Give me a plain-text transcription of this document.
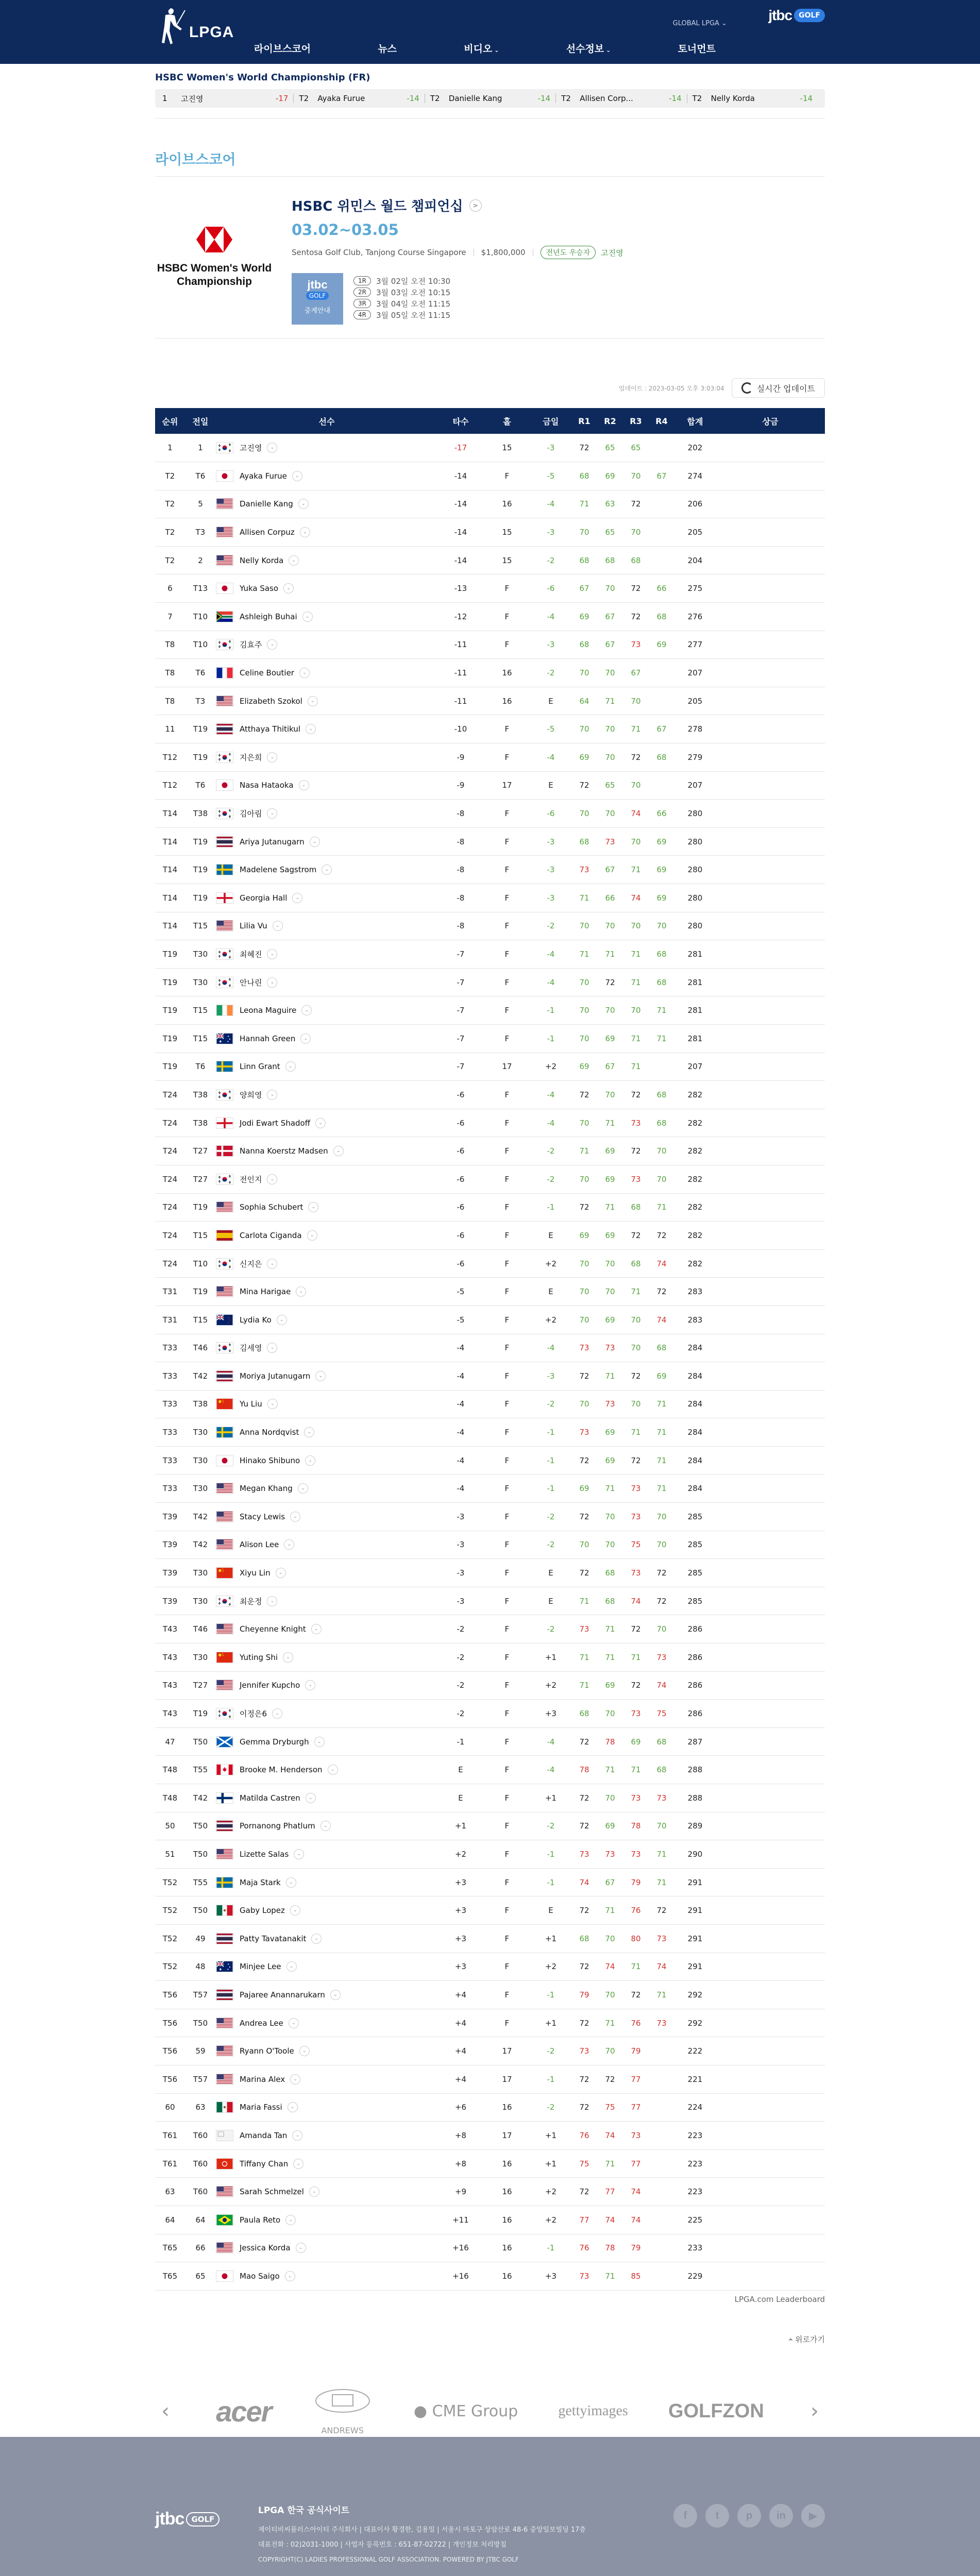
LPGA
라이브스코어	뉴스	비디오 ⌄	선수정보 ⌄	토너먼트
GLOBAL LPGA ⌄
jtbc GOLF
HSBC Women's World Championship (FR)
1	고진영	-17	T2	Ayaka Furue	-14	T2	Danielle Kang	-14	T2	Allisen Corp...	-14	T2	Nelly Korda	-14
라이브스코어
HSBC Women's World Championship
HSBC 위민스 월드 챔피언십	>
03.02~03.05
Sentosa Golf Club, Tanjong Course Singapore $1,800,000	전년도 우승자	고진영
jtbc
GOLF
중계안내
1R	3월 02일 오전 10:30
2R	3월 03일 오전 10:15
3R	3월 04일 오전 11:15
4R	3월 05일 오전 11:15
업데이트 : 2023-03-05 오후 3:03:04	실시간 업데이트
순위	전일	선수	타수	홀	금일	R1	R2	R3	R4	합계	상금
1	1	고진영 ⌄	-17	15	-3	72	65	65		202	
T2	T6	Ayaka Furue ⌄	-14	F	-5	68	69	70	67	274	
T2	5	Danielle Kang ⌄	-14	16	-4	71	63	72		206	
T2	T3	Allisen Corpuz ⌄	-14	15	-3	70	65	70		205	
T2	2	Nelly Korda ⌄	-14	15	-2	68	68	68		204	
6	T13	Yuka Saso ⌄	-13	F	-6	67	70	72	66	275	
7	T10	Ashleigh Buhai ⌄	-12	F	-4	69	67	72	68	276	
T8	T10	김효주 ⌄	-11	F	-3	68	67	73	69	277	
T8	T6	Celine Boutier ⌄	-11	16	-2	70	70	67		207	
T8	T3	Elizabeth Szokol ⌄	-11	16	E	64	71	70		205	
11	T19	Atthaya Thitikul ⌄	-10	F	-5	70	70	71	67	278	
T12	T19	지은희 ⌄	-9	F	-4	69	70	72	68	279	
T12	T6	Nasa Hataoka ⌄	-9	17	E	72	65	70		207	
T14	T38	김아림 ⌄	-8	F	-6	70	70	74	66	280	
T14	T19	Ariya Jutanugarn ⌄	-8	F	-3	68	73	70	69	280	
T14	T19	Madelene Sagstrom ⌄	-8	F	-3	73	67	71	69	280	
T14	T19	Georgia Hall ⌄	-8	F	-3	71	66	74	69	280	
T14	T15	Lilia Vu ⌄	-8	F	-2	70	70	70	70	280	
T19	T30	최혜진 ⌄	-7	F	-4	71	71	71	68	281	
T19	T30	안나린 ⌄	-7	F	-4	70	72	71	68	281	
T19	T15	Leona Maguire ⌄	-7	F	-1	70	70	70	71	281	
T19	T15	Hannah Green ⌄	-7	F	-1	70	69	71	71	281	
T19	T6	Linn Grant ⌄	-7	17	+2	69	67	71		207	
T24	T38	양희영 ⌄	-6	F	-4	72	70	72	68	282	
T24	T38	Jodi Ewart Shadoff ⌄	-6	F	-4	70	71	73	68	282	
T24	T27	Nanna Koerstz Madsen ⌄	-6	F	-2	71	69	72	70	282	
T24	T27	전인지 ⌄	-6	F	-2	70	69	73	70	282	
T24	T19	Sophia Schubert ⌄	-6	F	-1	72	71	68	71	282	
T24	T15	Carlota Ciganda ⌄	-6	F	E	69	69	72	72	282	
T24	T10	신지은 ⌄	-6	F	+2	70	70	68	74	282	
T31	T19	Mina Harigae ⌄	-5	F	E	70	70	71	72	283	
T31	T15	Lydia Ko ⌄	-5	F	+2	70	69	70	74	283	
T33	T46	김세영 ⌄	-4	F	-4	73	73	70	68	284	
T33	T42	Moriya Jutanugarn ⌄	-4	F	-3	72	71	72	69	284	
T33	T38	Yu Liu ⌄	-4	F	-2	70	73	70	71	284	
T33	T30	Anna Nordqvist ⌄	-4	F	-1	73	69	71	71	284	
T33	T30	Hinako Shibuno ⌄	-4	F	-1	72	69	72	71	284	
T33	T30	Megan Khang ⌄	-4	F	-1	69	71	73	71	284	
T39	T42	Stacy Lewis ⌄	-3	F	-2	72	70	73	70	285	
T39	T42	Alison Lee ⌄	-3	F	-2	70	70	75	70	285	
T39	T30	Xiyu Lin ⌄	-3	F	E	72	68	73	72	285	
T39	T30	최운정 ⌄	-3	F	E	71	68	74	72	285	
T43	T46	Cheyenne Knight ⌄	-2	F	-2	73	71	72	70	286	
T43	T30	Yuting Shi ⌄	-2	F	+1	71	71	71	73	286	
T43	T27	Jennifer Kupcho ⌄	-2	F	+2	71	69	72	74	286	
T43	T19	이정은6 ⌄	-2	F	+3	68	70	73	75	286	
47	T50	Gemma Dryburgh ⌄	-1	F	-4	72	78	69	68	287	
T48	T55	Brooke M. Henderson ⌄	E	F	-4	78	71	71	68	288	
T48	T42	Matilda Castren ⌄	E	F	+1	72	70	73	73	288	
50	T50	Pornanong Phatlum ⌄	+1	F	-2	72	69	78	70	289	
51	T50	Lizette Salas ⌄	+2	F	-1	73	73	73	71	290	
T52	T55	Maja Stark ⌄	+3	F	-1	74	67	79	71	291	
T52	T50	Gaby Lopez ⌄	+3	F	E	72	71	76	72	291	
T52	49	Patty Tavatanakit ⌄	+3	F	+1	68	70	80	73	291	
T52	48	Minjee Lee ⌄	+3	F	+2	72	74	71	74	291	
T56	T57	Pajaree Anannarukarn ⌄	+4	F	-1	79	70	72	71	292	
T56	T50	Andrea Lee ⌄	+4	F	+1	72	71	76	73	292	
T56	59	Ryann O'Toole ⌄	+4	17	-2	73	70	79		222	
T56	T57	Marina Alex ⌄	+4	17	-1	72	72	77		221	
60	63	Maria Fassi ⌄	+6	16	-2	72	75	77		224	
T61	T60	Amanda Tan ⌄	+8	17	+1	76	74	73		223	
T61	T60	Tiffany Chan ⌄	+8	16	+1	75	71	77		223	
63	T60	Sarah Schmelzel ⌄	+9	16	+2	72	77	74		223	
64	64	Paula Reto ⌄	+11	16	+2	77	74	74		225	
T65	66	Jessica Korda ⌄	+16	16	-1	76	78	79		233	
T65	65	Mao Saigo ⌄	+16	16	+3	73	71	85		229	
LPGA.com Leaderboard
›위로가기
‹ acer

ANDREWS
● CME Group	gettyimages GOLFZON	›
jtbc GOLF
LPGA 한국 공식사이트
제이티비씨플러스아이티 주식회사 | 대표이사 황경한, 김용일 | 서울시 마포구 상암산로 48-6 중앙일보빌딩 17층
대표전화 : 02)2031-1000 | 사업자 등록번호 : 651-87-02722 | 개인정보 처리방침
COPYRIGHT(C) LADIES PROFESSIONAL GOLF ASSOCIATION. POWERED BY JTBC GOLF
f	t	p	in	▶
